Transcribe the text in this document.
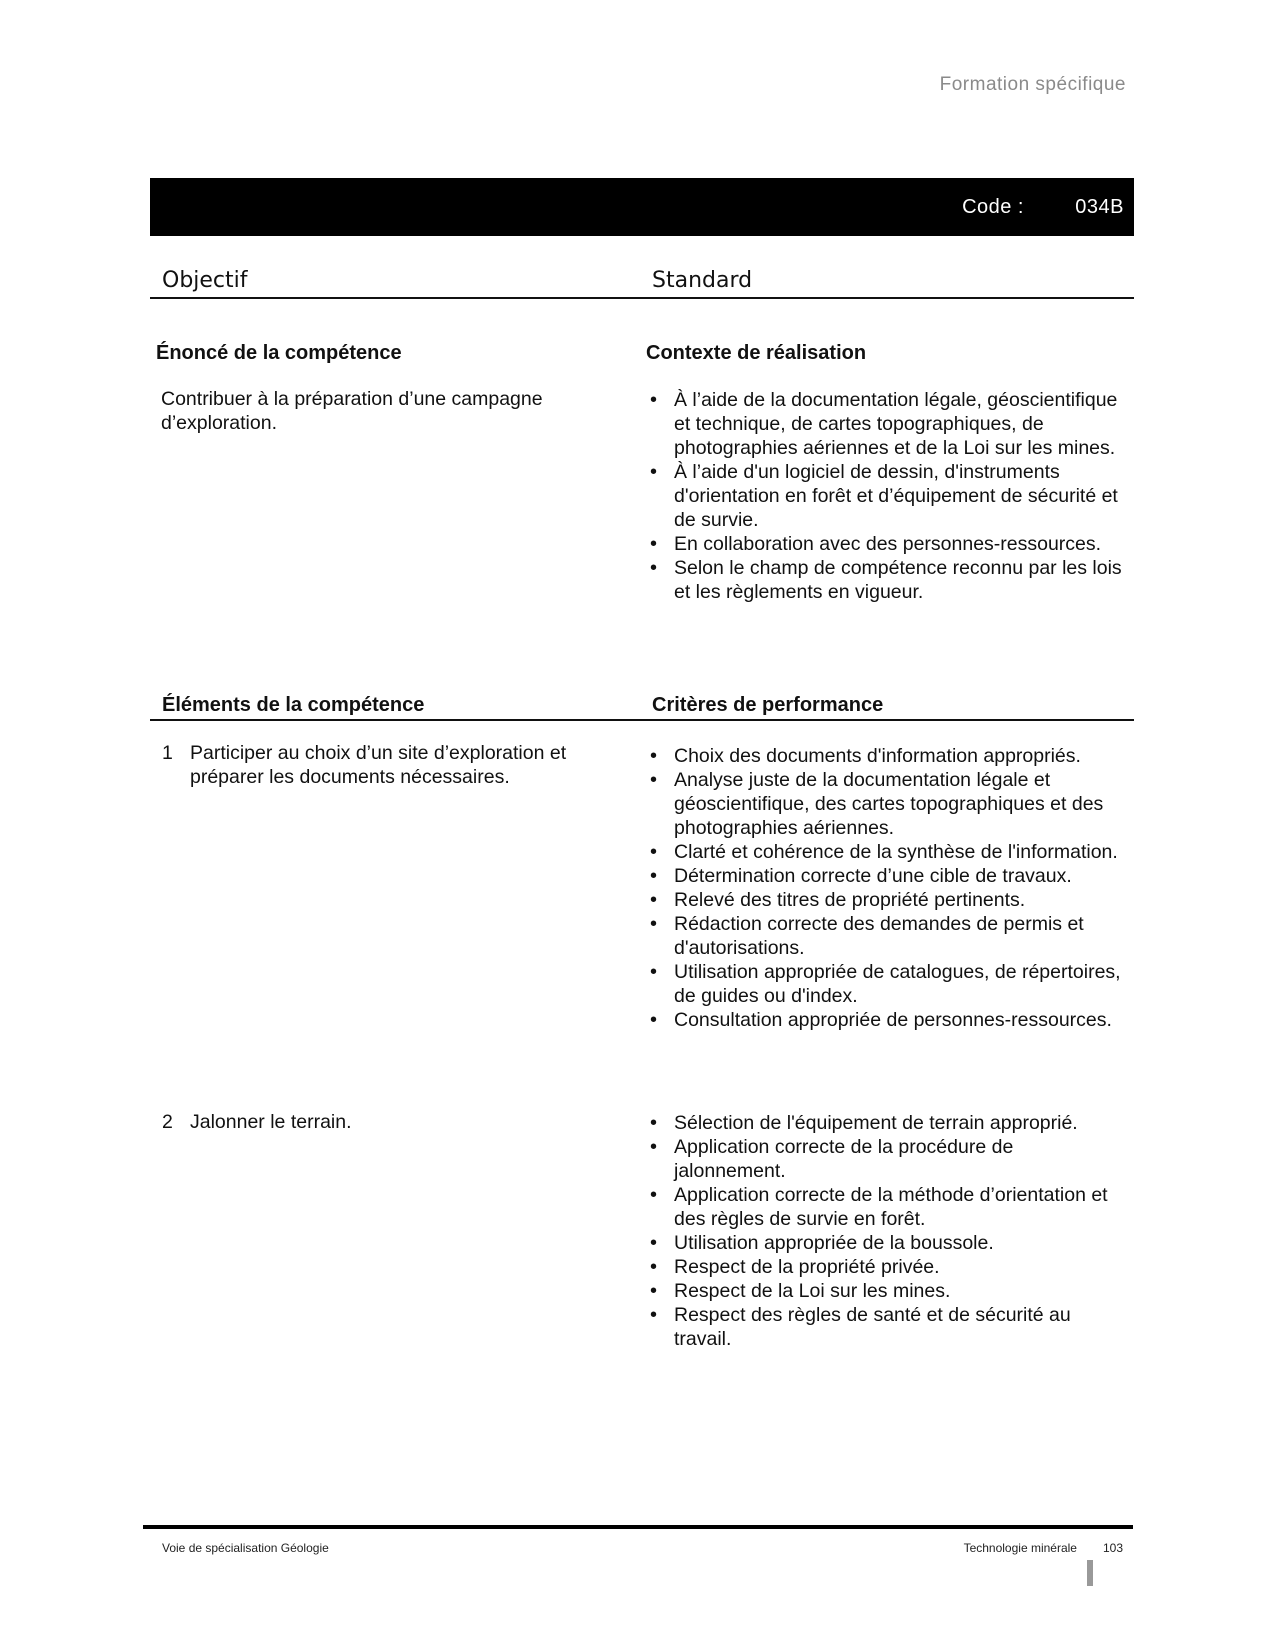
Formation spécifique
Code :	034B
Objectif	Standard
Énoncé de la compétence	Contexte de réalisation
Contribuer à la préparation d’une campagne d’exploration.
• À l’aide de la documentation légale, géoscientifique et technique, de cartes topographiques, de photographies aériennes et de la Loi sur les mines.
• À l’aide d'un logiciel de dessin, d'instruments d'orientation en forêt et d’équipement de sécurité et de survie.
• En collaboration avec des personnes-ressources.
• Selon le champ de compétence reconnu par les lois et les règlements en vigueur.
Éléments de la compétence	Critères de performance
1 Participer au choix d’un site d’exploration et préparer les documents nécessaires.
• Choix des documents d'information appropriés.
• Analyse juste de la documentation légale et géoscientifique, des cartes topographiques et des photographies aériennes.
• Clarté et cohérence de la synthèse de l'information.
• Détermination correcte d’une cible de travaux.
• Relevé des titres de propriété pertinents.
• Rédaction correcte des demandes de permis et d'autorisations.
• Utilisation appropriée de catalogues, de répertoires, de guides ou d'index.
• Consultation appropriée de personnes-ressources.
2 Jalonner le terrain.
•	Sélection de l'équipement de terrain approprié.
• Application correcte de la procédure de jalonnement.
• Application correcte de la méthode d’orientation et des règles de survie en forêt.
• Utilisation appropriée de la boussole.
• Respect de la propriété privée.
• Respect de la Loi sur les mines.
• Respect des règles de santé et de sécurité au travail.
Voie de spécialisation Géologie	Technologie minérale 103
